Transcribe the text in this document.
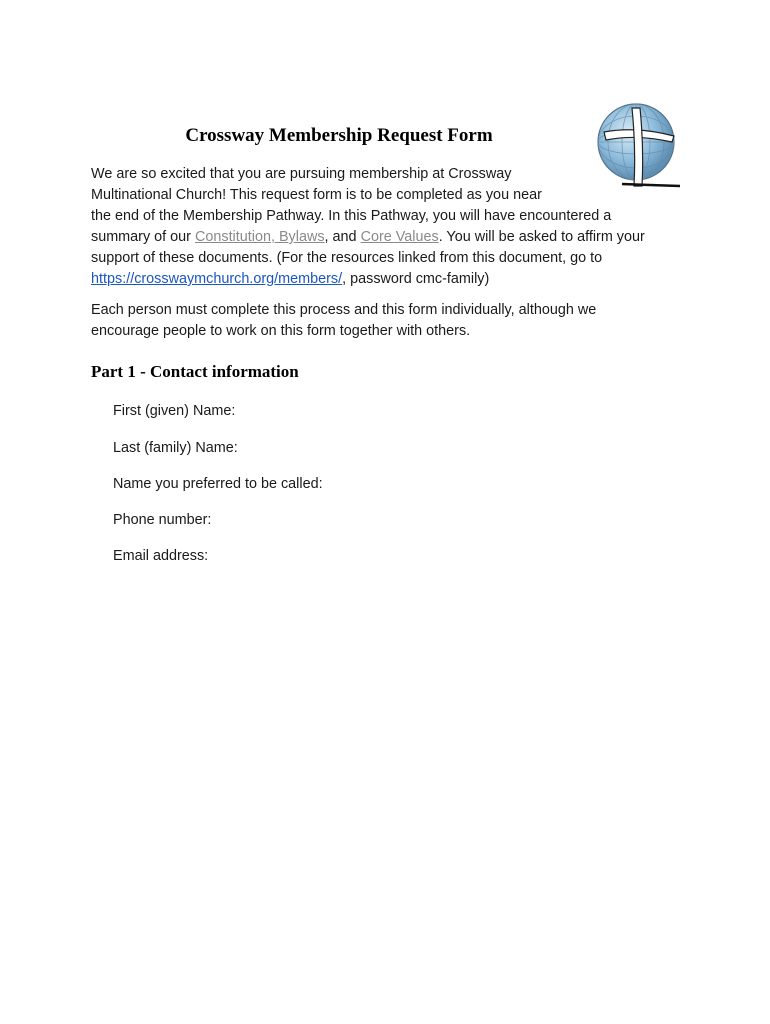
Crossway Membership Request Form
We are so excited that you are pursuing membership at Crossway
Multinational Church! This request form is to be completed as you near
the end of the Membership Pathway. In this Pathway, you will have encountered a
summary of our Constitution, Bylaws, and Core Values. You will be asked to affirm your
support of these documents. (For the resources linked from this document, go to
https://crosswaymchurch.org/members/, password cmc-family)
Each person must complete this process and this form individually, although we
encourage people to work on this form together with others.
Part 1 - Contact information
First (given) Name:
Last (family) Name:
Name you preferred to be called:
Phone number:
Email address:
